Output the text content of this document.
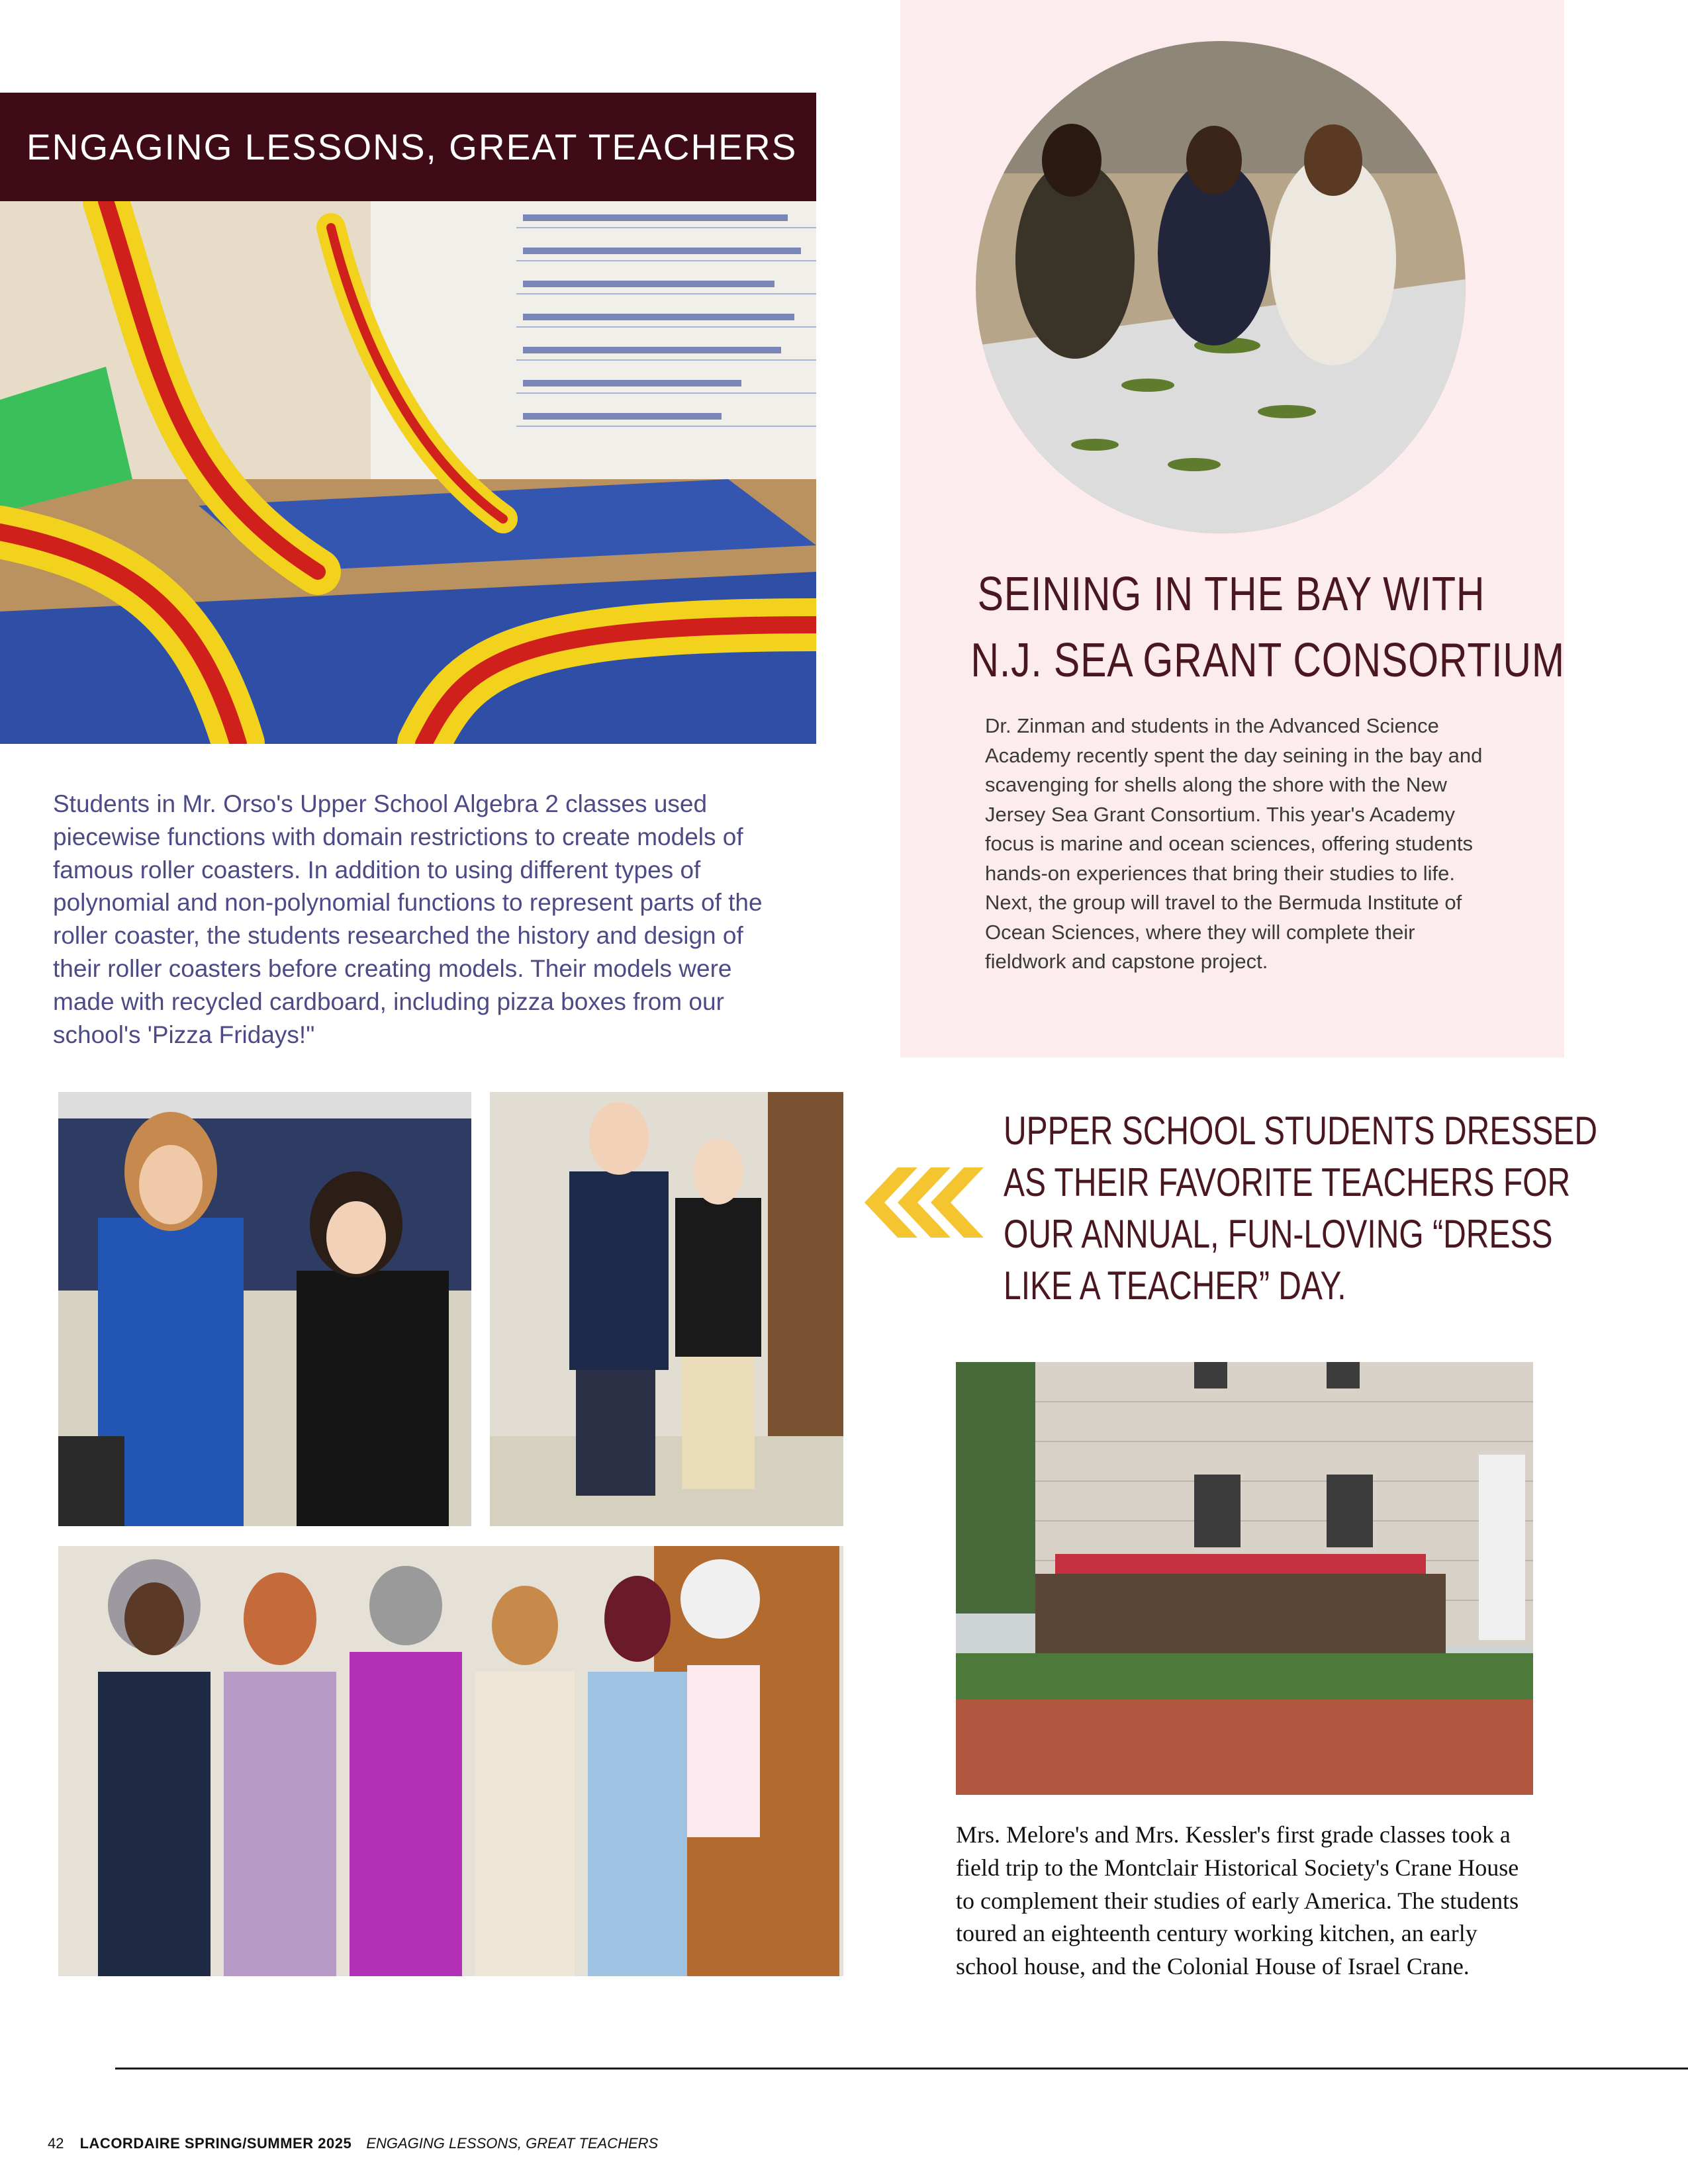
ENGAGING LESSONS, GREAT TEACHERS
SEINING IN THE BAY WITH
N.J. SEA GRANT CONSORTIUM
Dr. Zinman and students in the Advanced Science Academy recently spent the day seining in the bay and scavenging for shells along the shore with the New Jersey Sea Grant Consortium. This year's Academy focus is marine and ocean sciences, offering students hands-on experiences that bring their studies to life. Next, the group will travel to the Bermuda Institute of Ocean Sciences, where they will complete their fieldwork and capstone project.
Students in Mr. Orso's Upper School Algebra 2 classes used piecewise functions with domain restrictions to create models of famous roller coasters. In addition to using different types of polynomial and non-polynomial functions to represent parts of the roller coaster, the students researched the history and design of their roller coasters before creating models. Their models were made with recycled cardboard, including pizza boxes from our school's 'Pizza Fridays!"
UPPER SCHOOL STUDENTS DRESSED
AS THEIR FAVORITE TEACHERS FOR
OUR ANNUAL, FUN-LOVING “DRESS
LIKE A TEACHER” DAY.
Mrs. Melore's and Mrs. Kessler's first grade classes took a field trip to the Montclair Historical Society's Crane House to complement their studies of early America. The students toured an eighteenth century working kitchen, an early school house, and the Colonial House of Israel Crane.
42 LACORDAIRE SPRING/SUMMER 2025 ENGAGING LESSONS, GREAT TEACHERS
